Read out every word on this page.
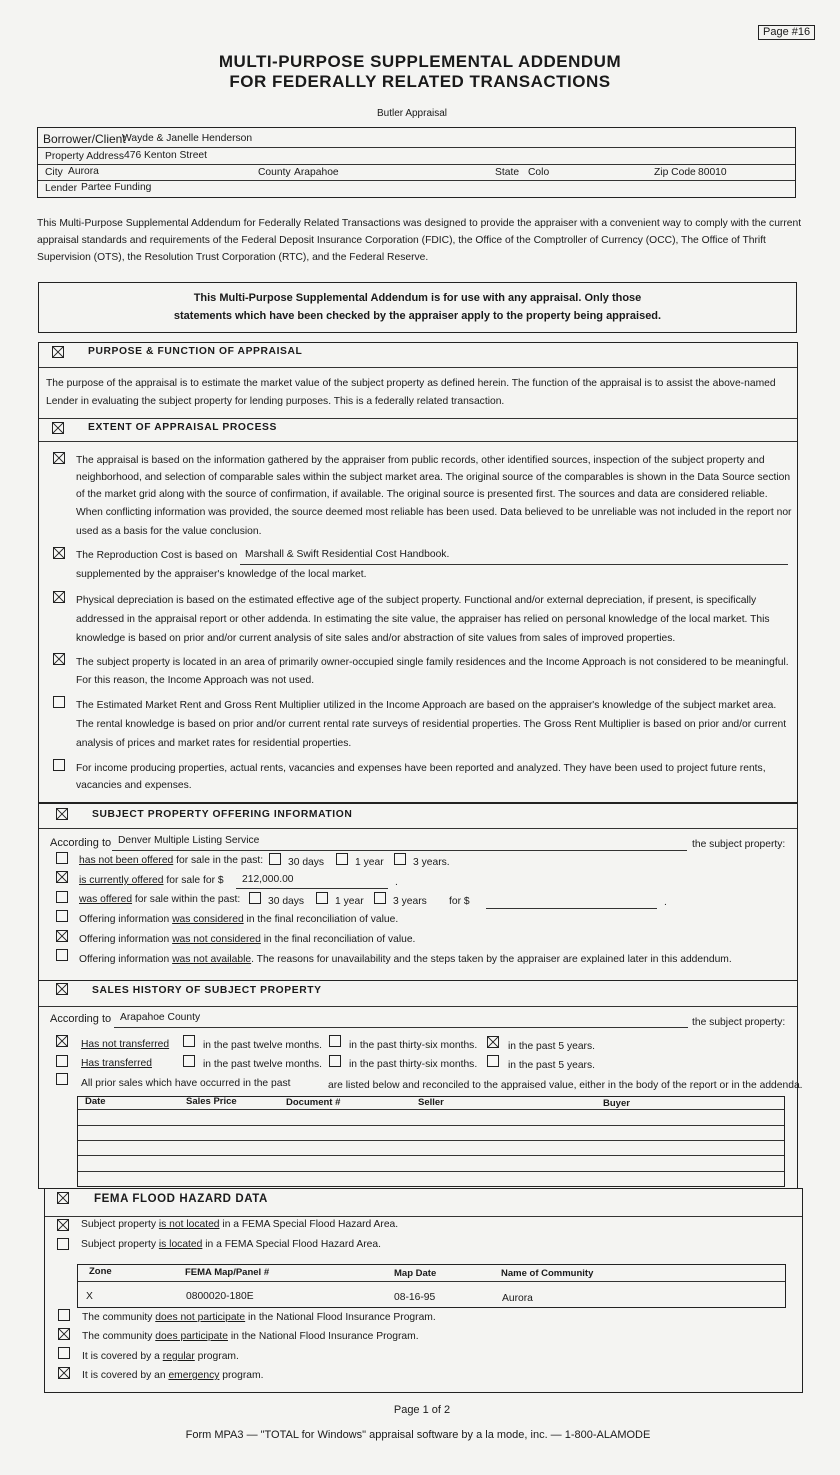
Page #16
MULTI-PURPOSE SUPPLEMENTAL ADDENDUM
FOR FEDERALLY RELATED TRANSACTIONS
Butler Appraisal
Borrower/Client
Wayde & Janelle Henderson
Property Address 476 Kenton Street
City Aurora	County Arapahoe	State Colo	Zip Code 80010
Lender Partee Funding
This Multi-Purpose Supplemental Addendum for Federally Related Transactions was designed to provide the appraiser with a convenient way to comply with the current
appraisal standards and requirements of the Federal Deposit Insurance Corporation (FDIC), the Office of the Comptroller of Currency (OCC), The Office of Thrift
Supervision (OTS), the Resolution Trust Corporation (RTC), and the Federal Reserve.
This Multi-Purpose Supplemental Addendum is for use with any appraisal. Only those
statements which have been checked by the appraiser apply to the property being appraised.
PURPOSE & FUNCTION OF APPRAISAL
The purpose of the appraisal is to estimate the market value of the subject property as defined herein. The function of the appraisal is to assist the above-named
Lender in evaluating the subject property for lending purposes. This is a federally related transaction.
EXTENT OF APPRAISAL PROCESS
The appraisal is based on the information gathered by the appraiser from public records, other identified sources, inspection of the subject property and
neighborhood, and selection of comparable sales within the subject market area. The original source of the comparables is shown in the Data Source section
of the market grid along with the source of confirmation, if available. The original source is presented first. The sources and data are considered reliable.
When conflicting information was provided, the source deemed most reliable has been used. Data believed to be unreliable was not included in the report nor
used as a basis for the value conclusion.
The Reproduction Cost is based on Marshall & Swift Residential Cost Handbook.
supplemented by the appraiser's knowledge of the local market.
Physical depreciation is based on the estimated effective age of the subject property. Functional and/or external depreciation, if present, is specifically
addressed in the appraisal report or other addenda. In estimating the site value, the appraiser has relied on personal knowledge of the local market. This
knowledge is based on prior and/or current analysis of site sales and/or abstraction of site values from sales of improved properties.
The subject property is located in an area of primarily owner-occupied single family residences and the Income Approach is not considered to be meaningful.
For this reason, the Income Approach was not used.
The Estimated Market Rent and Gross Rent Multiplier utilized in the Income Approach are based on the appraiser's knowledge of the subject market area.
The rental knowledge is based on prior and/or current rental rate surveys of residential properties. The Gross Rent Multiplier is based on prior and/or current
analysis of prices and market rates for residential properties.
For income producing properties, actual rents, vacancies and expenses have been reported and analyzed. They have been used to project future rents,
vacancies and expenses.
SUBJECT PROPERTY OFFERING INFORMATION
According to Denver Multiple Listing Service	the subject property:
has not been offered for sale in the past: 30 days	1 year	3 years.
is currently offered for sale for $ 212,000.00	.
was offered for sale within the past:	30 days	1 year	3 years for $	.
Offering information was considered in the final reconciliation of value.
Offering information was not considered in the final reconciliation of value.
Offering information was not available. The reasons for unavailability and the steps taken by the appraiser are explained later in this addendum.
SALES HISTORY OF SUBJECT PROPERTY
According to Arapahoe County	the subject property:
Has not transferred	in the past twelve months.	in the past thirty-six months.	in the past 5 years.
Has transferred	in the past twelve months.	in the past thirty-six months.	in the past 5 years.
All prior sales which have occurred in the past	are listed below and reconciled to the appraised value, either in the body of the report or in the addenda.
Date	Sales Price	Document #	Seller	Buyer
FEMA FLOOD HAZARD DATA
Subject property is not located in a FEMA Special Flood Hazard Area.
Subject property is located in a FEMA Special Flood Hazard Area.
Zone	FEMA Map/Panel #	Map Date	Name of Community
X	0800020-180E	08-16-95	Aurora
The community does not participate in the National Flood Insurance Program.
The community does participate in the National Flood Insurance Program.
It is covered by a regular program.
It is covered by an emergency program.
Page 1 of 2
Form MPA3 — "TOTAL for Windows" appraisal software by a la mode, inc. — 1-800-ALAMODE
